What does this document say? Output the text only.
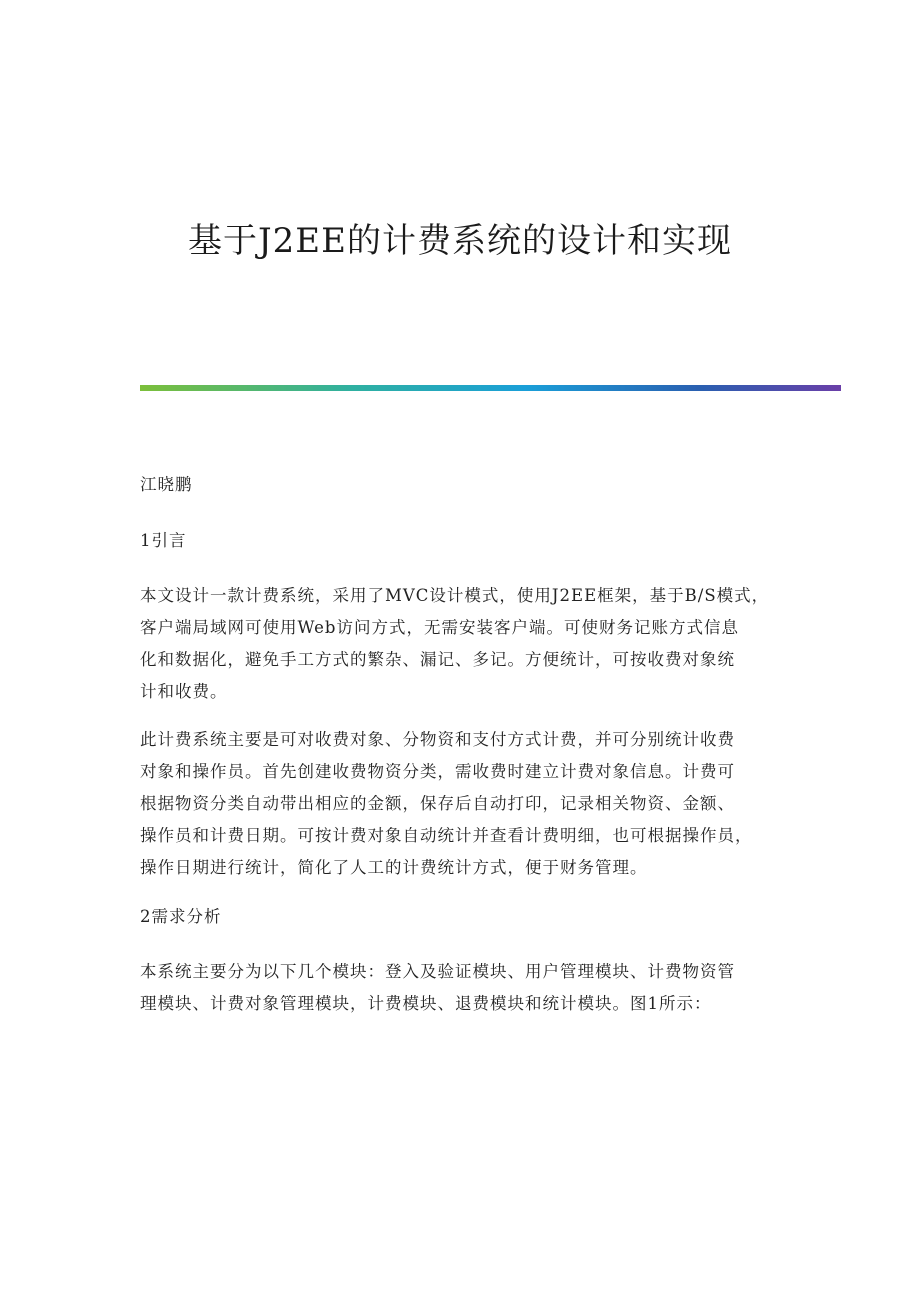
基于J2EE的计费系统的设计和实现
江晓鹏
1引言
本文设计一款计费系统，采用了MVC设计模式，使用J2EE框架，基于B/S模式，
客户端局域网可使用Web访问方式，无需安装客户端。可使财务记账方式信息
化和数据化，避免手工方式的繁杂、漏记、多记。方便统计，可按收费对象统
计和收费。
此计费系统主要是可对收费对象、分物资和支付方式计费，并可分别统计收费
对象和操作员。首先创建收费物资分类，需收费时建立计费对象信息。计费可
根据物资分类自动带出相应的金额，保存后自动打印，记录相关物资、金额、
操作员和计费日期。可按计费对象自动统计并查看计费明细，也可根据操作员，
操作日期进行统计，简化了人工的计费统计方式，便于财务管理。
2需求分析
本系统主要分为以下几个模块：登入及验证模块、用户管理模块、计费物资管
理模块、计费对象管理模块，计费模块、退费模块和统计模块。图1所示：
